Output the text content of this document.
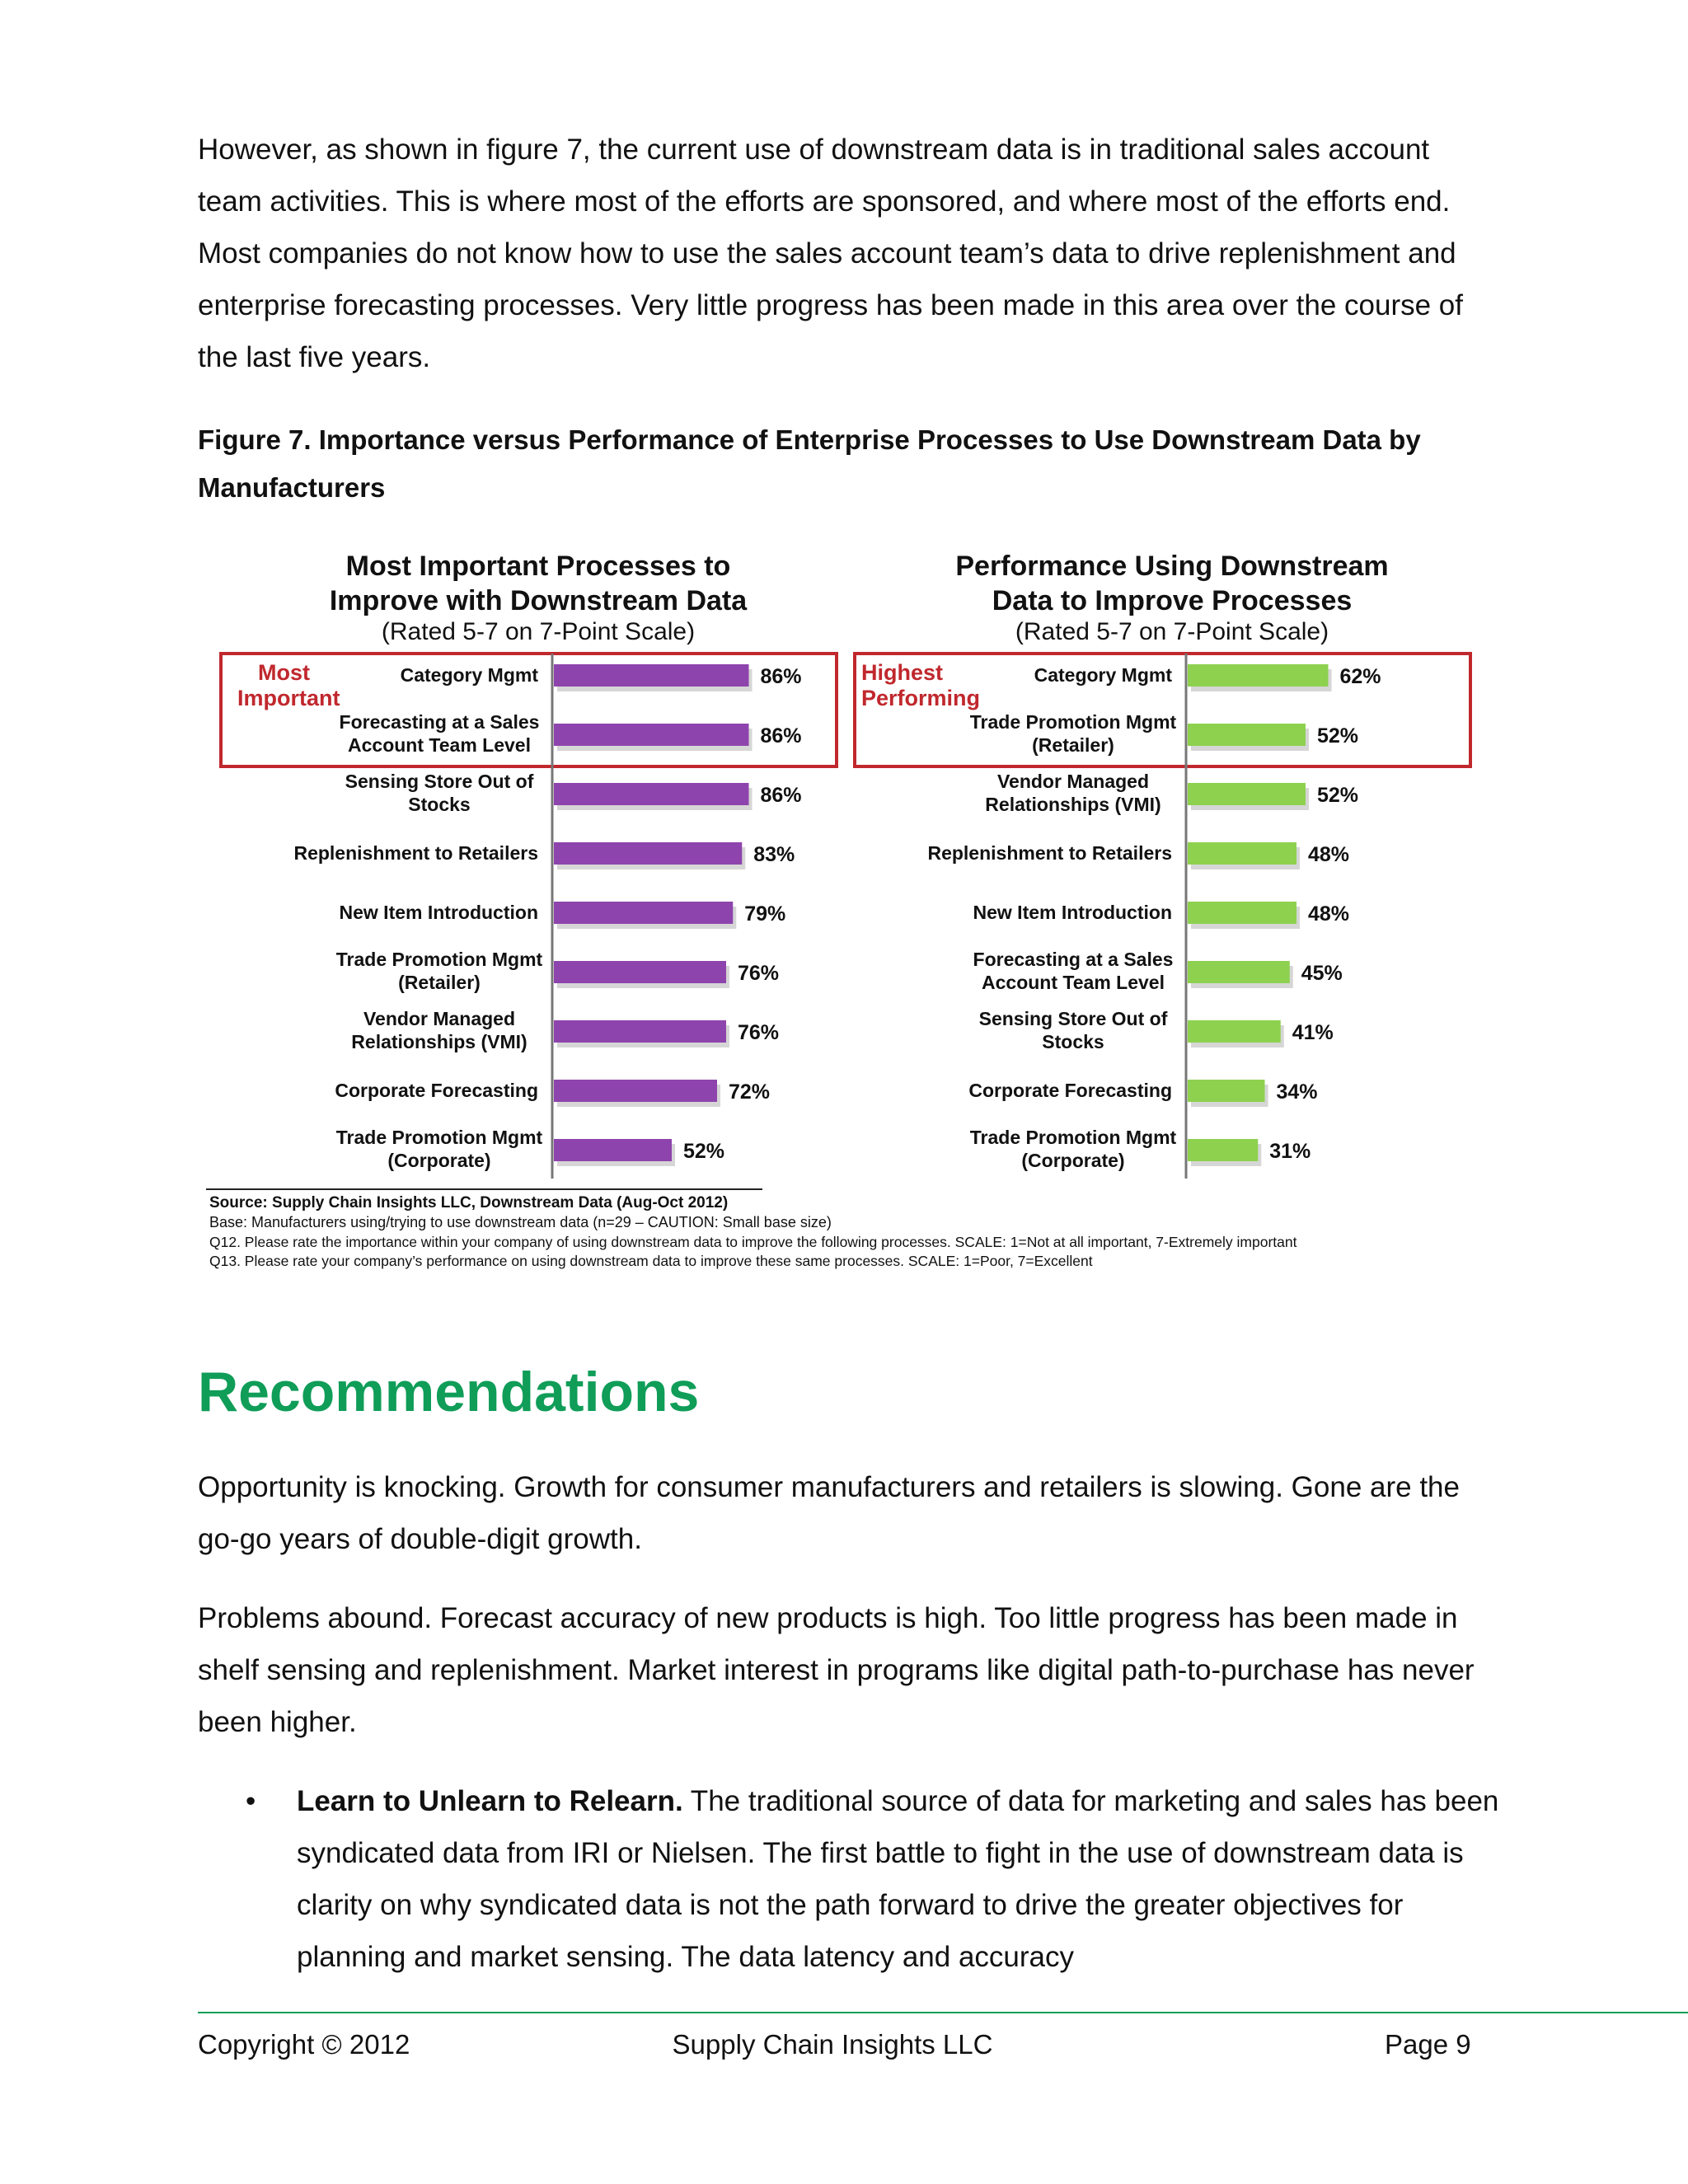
However, as shown in figure 7, the current use of downstream data is in traditional sales account team activities. This is where most of the efforts are sponsored, and where most of the efforts end. Most companies do not know how to use the sales account team’s data to drive replenishment and enterprise forecasting processes. Very little progress has been made in this area over the course of the last five years.

Figure 7. Importance versus Performance of Enterprise Processes to Use Downstream Data by Manufacturers

Most Important Processes to
Improve with Downstream Data
(Rated 5-7 on 7-Point Scale)
Most
Important
86%
Category Mgmt
86%
Forecasting at a Sales
Account Team Level
86%
Sensing Store Out of
Stocks
83%
Replenishment to Retailers
79%
New Item Introduction
76%
Trade Promotion Mgmt
(Retailer)
76%
Vendor Managed
Relationships (VMI)
72%
Corporate Forecasting
52%
Trade Promotion Mgmt
(Corporate)
Performance Using Downstream
Data to Improve Processes
(Rated 5-7 on 7-Point Scale)
Highest
Performing
62%
Category Mgmt
52%
Trade Promotion Mgmt
(Retailer)
52%
Vendor Managed
Relationships (VMI)
48%
Replenishment to Retailers
48%
New Item Introduction
45%
Forecasting at a Sales
Account Team Level
41%
Sensing Store Out of
Stocks
34%
Corporate Forecasting
31%
Trade Promotion Mgmt
(Corporate)
Source: Supply Chain Insights LLC, Downstream Data (Aug-Oct 2012)
Base: Manufacturers using/trying to use downstream data (n=29 – CAUTION: Small base size)
Q12. Please rate the importance within your company of using downstream data to improve the following processes. SCALE: 1=Not at all important, 7-Extremely important
Q13. Please rate your company’s performance on using downstream data to improve these same processes. SCALE: 1=Poor, 7=Excellent
Recommendations

Opportunity is knocking. Growth for consumer manufacturers and retailers is slowing. Gone are the go-go years of double-digit growth.

Problems abound. Forecast accuracy of new products is high. Too little progress has been made in shelf sensing and replenishment. Market interest in programs like digital path-to-purchase has never been higher.

• Learn to Unlearn to Relearn. The traditional source of data for marketing and sales has been syndicated data from IRI or Nielsen. The first battle to fight in the use of downstream data is clarity on why syndicated data is not the path forward to drive the greater objectives for planning and market sensing. The data latency and accuracy
Copyright © 2012	Supply Chain Insights LLC	Page 9
